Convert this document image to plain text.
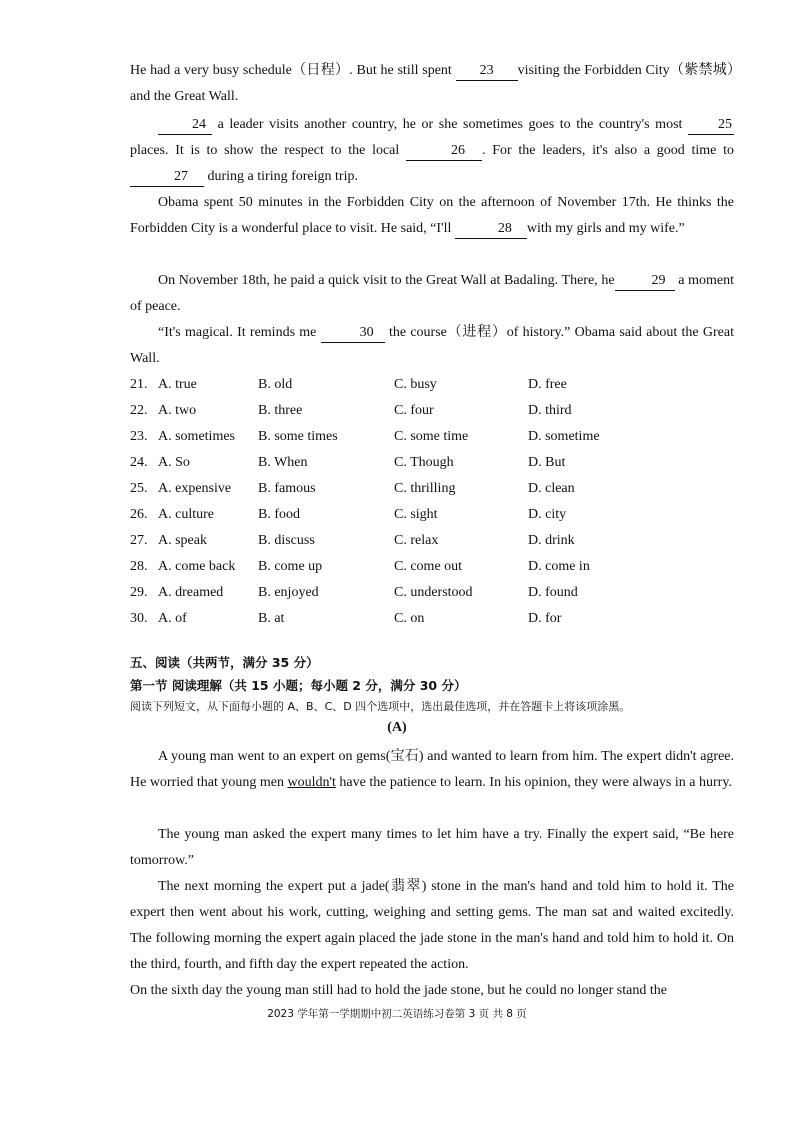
He had a very busy schedule（日程）. But he still spent 23 visiting the Forbidden City（紫禁城）and the Great Wall.

24 a leader visits another country, he or she sometimes goes to the country's most 25 places. It is to show the respect to the local	26 . For the leaders, it's also a good time to 27 during a tiring foreign trip.

Obama spent 50 minutes in the Forbidden City on the afternoon of November 17th. He thinks the Forbidden City is a wonderful place to visit. He said, “I'll	28 with my girls and my wife.”

On November 18th, he paid a quick visit to the Great Wall at Badaling. There, he	29 a moment of peace.

“It's magical. It reminds me	30 the course（进程）of history.” Obama said about the Great Wall.

21. A. true	B. old	C. busy	D. free
22. A. two	B. three	C. four	D. third
23. A. sometimes B. some times	C. some time	D. sometime
24. A. So	B. When	C. Though	D. But
25. A. expensive B. famous	C. thrilling	D. clean
26. A. culture	B. food	C. sight	D. city
27. A. speak	B. discuss	C. relax	D. drink
28. A. come back B. come up	C. come out	D. come in
29. A. dreamed B. enjoyed	C. understood	D. found
30. A. of	B. at	C. on	D. for
五、阅读（共两节，满分 35 分）
第一节 阅读理解（共 15 小题；每小题 2 分，满分 30 分）
阅读下列短文，从下面每小题的 A、B、C、D 四个选项中，选出最佳选项，并在答题卡上将该项涂黑。
(A)

A young man went to an expert on gems(宝石) and wanted to learn from him. The expert didn't agree. He worried that young men wouldn't have the patience to learn. In his opinion, they were always in a hurry.

The young man asked the expert many times to let him have a try. Finally the expert said, “Be here tomorrow.”

The next morning the expert put a jade(翡翠) stone in the man's hand and told him to hold it. The expert then went about his work, cutting, weighing and setting gems. The man sat and waited excitedly. The following morning the expert again placed the jade stone in the man's hand and told him to hold it. On the third, fourth, and fifth day the expert repeated the action.

On the sixth day the young man still had to hold the jade stone, but he could no longer stand the

2023 学年第一学期期中初二英语练习卷第 3 页 共 8 页
